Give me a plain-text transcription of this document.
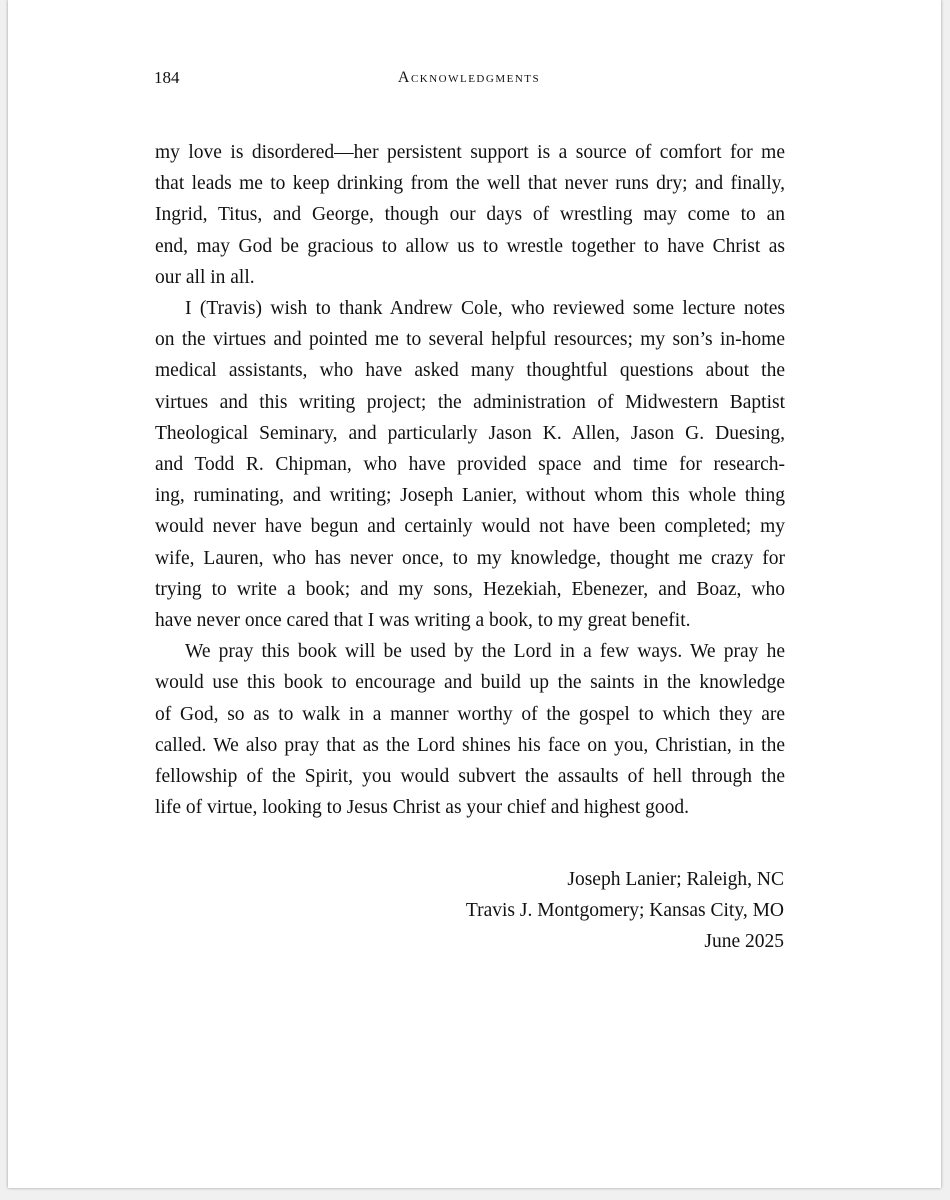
184	Acknowledgments

my love is disordered—her persistent support is a source of comfort for me
that leads me to keep drinking from the well that never runs dry; and finally,
Ingrid, Titus, and George, though our days of wrestling may come to an
end, may God be gracious to allow us to wrestle together to have Christ as
our all in all.

I (Travis) wish to thank Andrew Cole, who reviewed some lecture notes
on the virtues and pointed me to several helpful resources; my son’s in-home
medical assistants, who have asked many thoughtful questions about the
virtues and this writing project; the administration of Midwestern Baptist
Theological Seminary, and particularly Jason K. Allen, Jason G. Duesing,
and Todd R. Chipman, who have provided space and time for research-
ing, ruminating, and writing; Joseph Lanier, without whom this whole thing
would never have begun and certainly would not have been completed; my
wife, Lauren, who has never once, to my knowledge, thought me crazy for
trying to write a book; and my sons, Hezekiah, Ebenezer, and Boaz, who
have never once cared that I was writing a book, to my great benefit.

We pray this book will be used by the Lord in a few ways. We pray he
would use this book to encourage and build up the saints in the knowledge
of God, so as to walk in a manner worthy of the gospel to which they are
called. We also pray that as the Lord shines his face on you, Christian, in the
fellowship of the Spirit, you would subvert the assaults of hell through the
life of virtue, looking to Jesus Christ as your chief and highest good.

Joseph Lanier; Raleigh, NC
Travis J. Montgomery; Kansas City, MO
June 2025
